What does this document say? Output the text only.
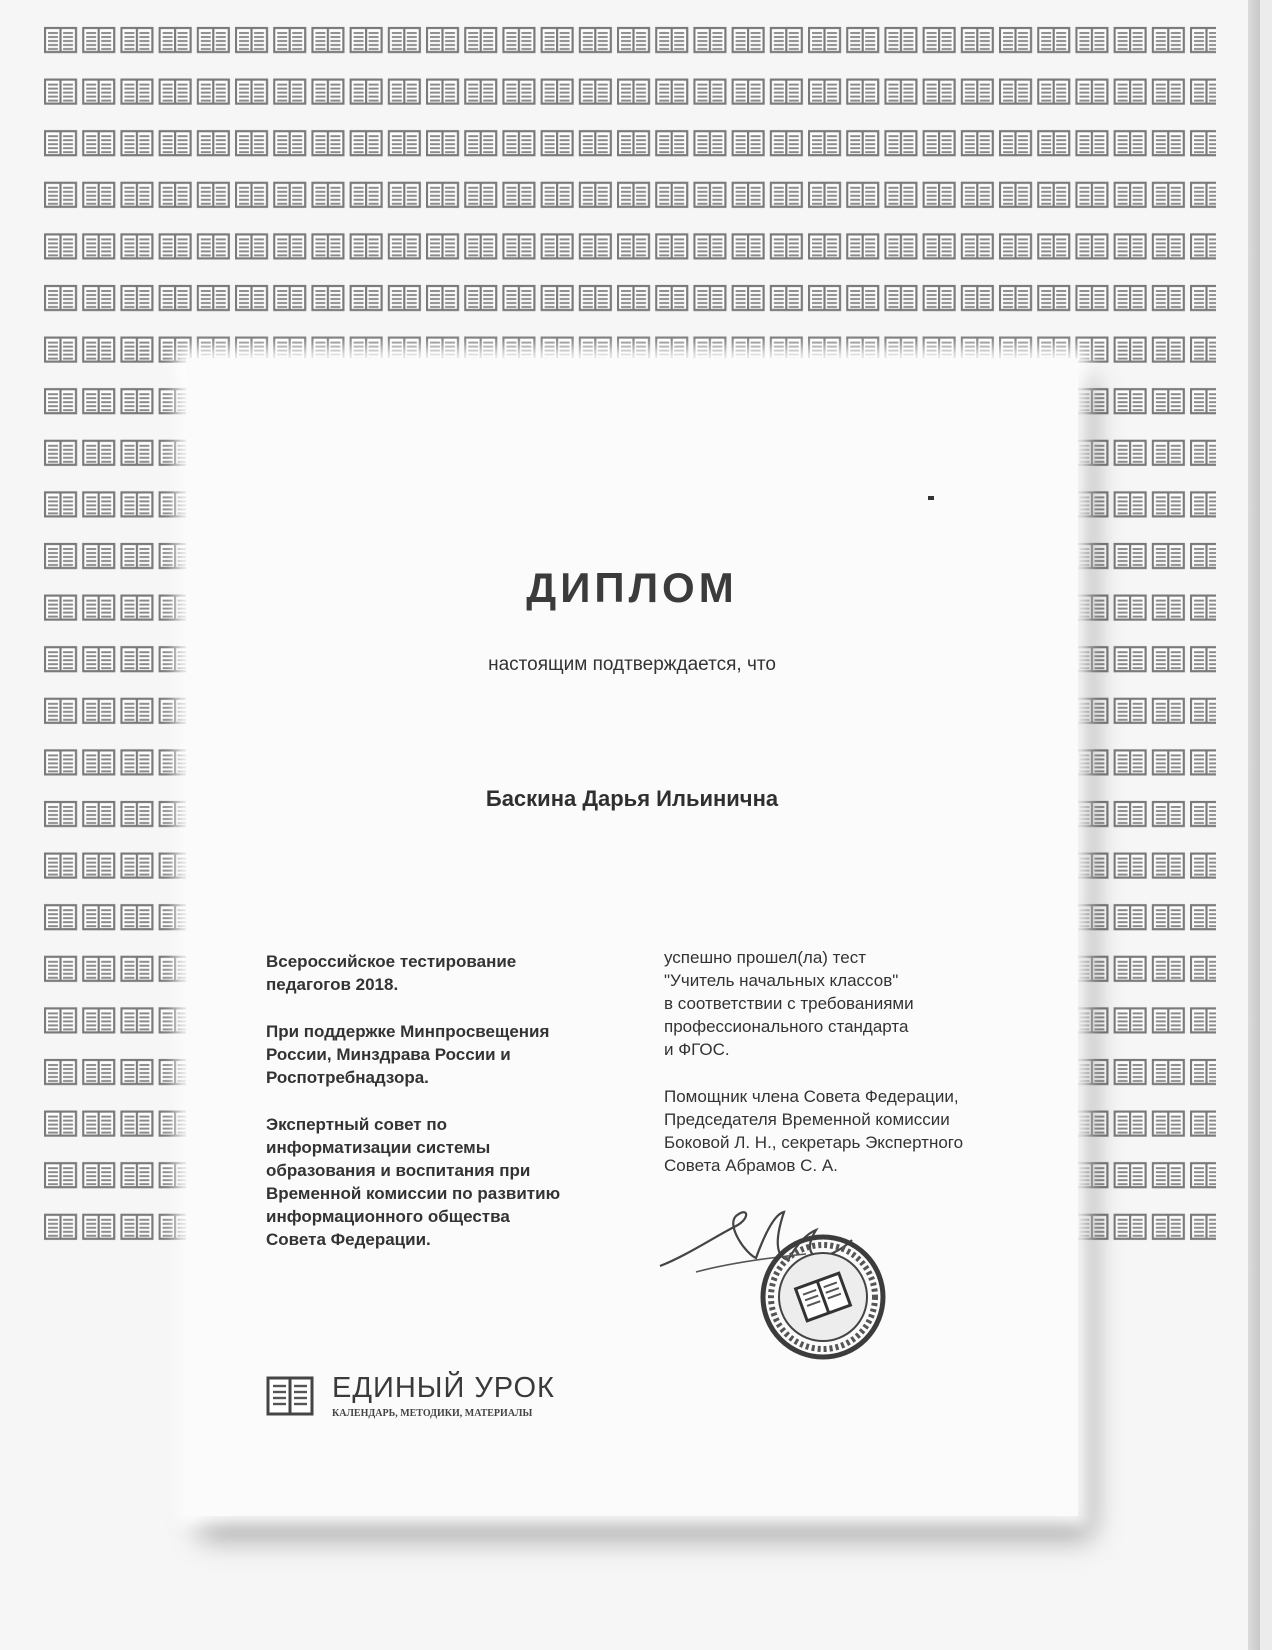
ДИПЛОМ
настоящим подтверждается, что
Баскина Дарья Ильинична

Всероссийское тестирование
педагогов 2018.

При поддержке Минпросвещения
России, Минздрава России и
Роспотребнадзора.

Экспертный совет по
информатизации системы
образования и воспитания при
Временной комиссии по развитию
информационного общества
Совета Федерации.

успешно прошел(ла) тест
"Учитель начальных классов"
в соответствии с требованиями
профессионального стандарта
и ФГОС.

Помощник члена Совета Федерации,
Председателя Временной комиссии
Боковой Л. Н., секретарь Экспертного
Совета Абрамов С. А.

ЕДИНЫЙ УРОК
КАЛЕНДАРЬ, МЕТОДИКИ, МАТЕРИАЛЫ
